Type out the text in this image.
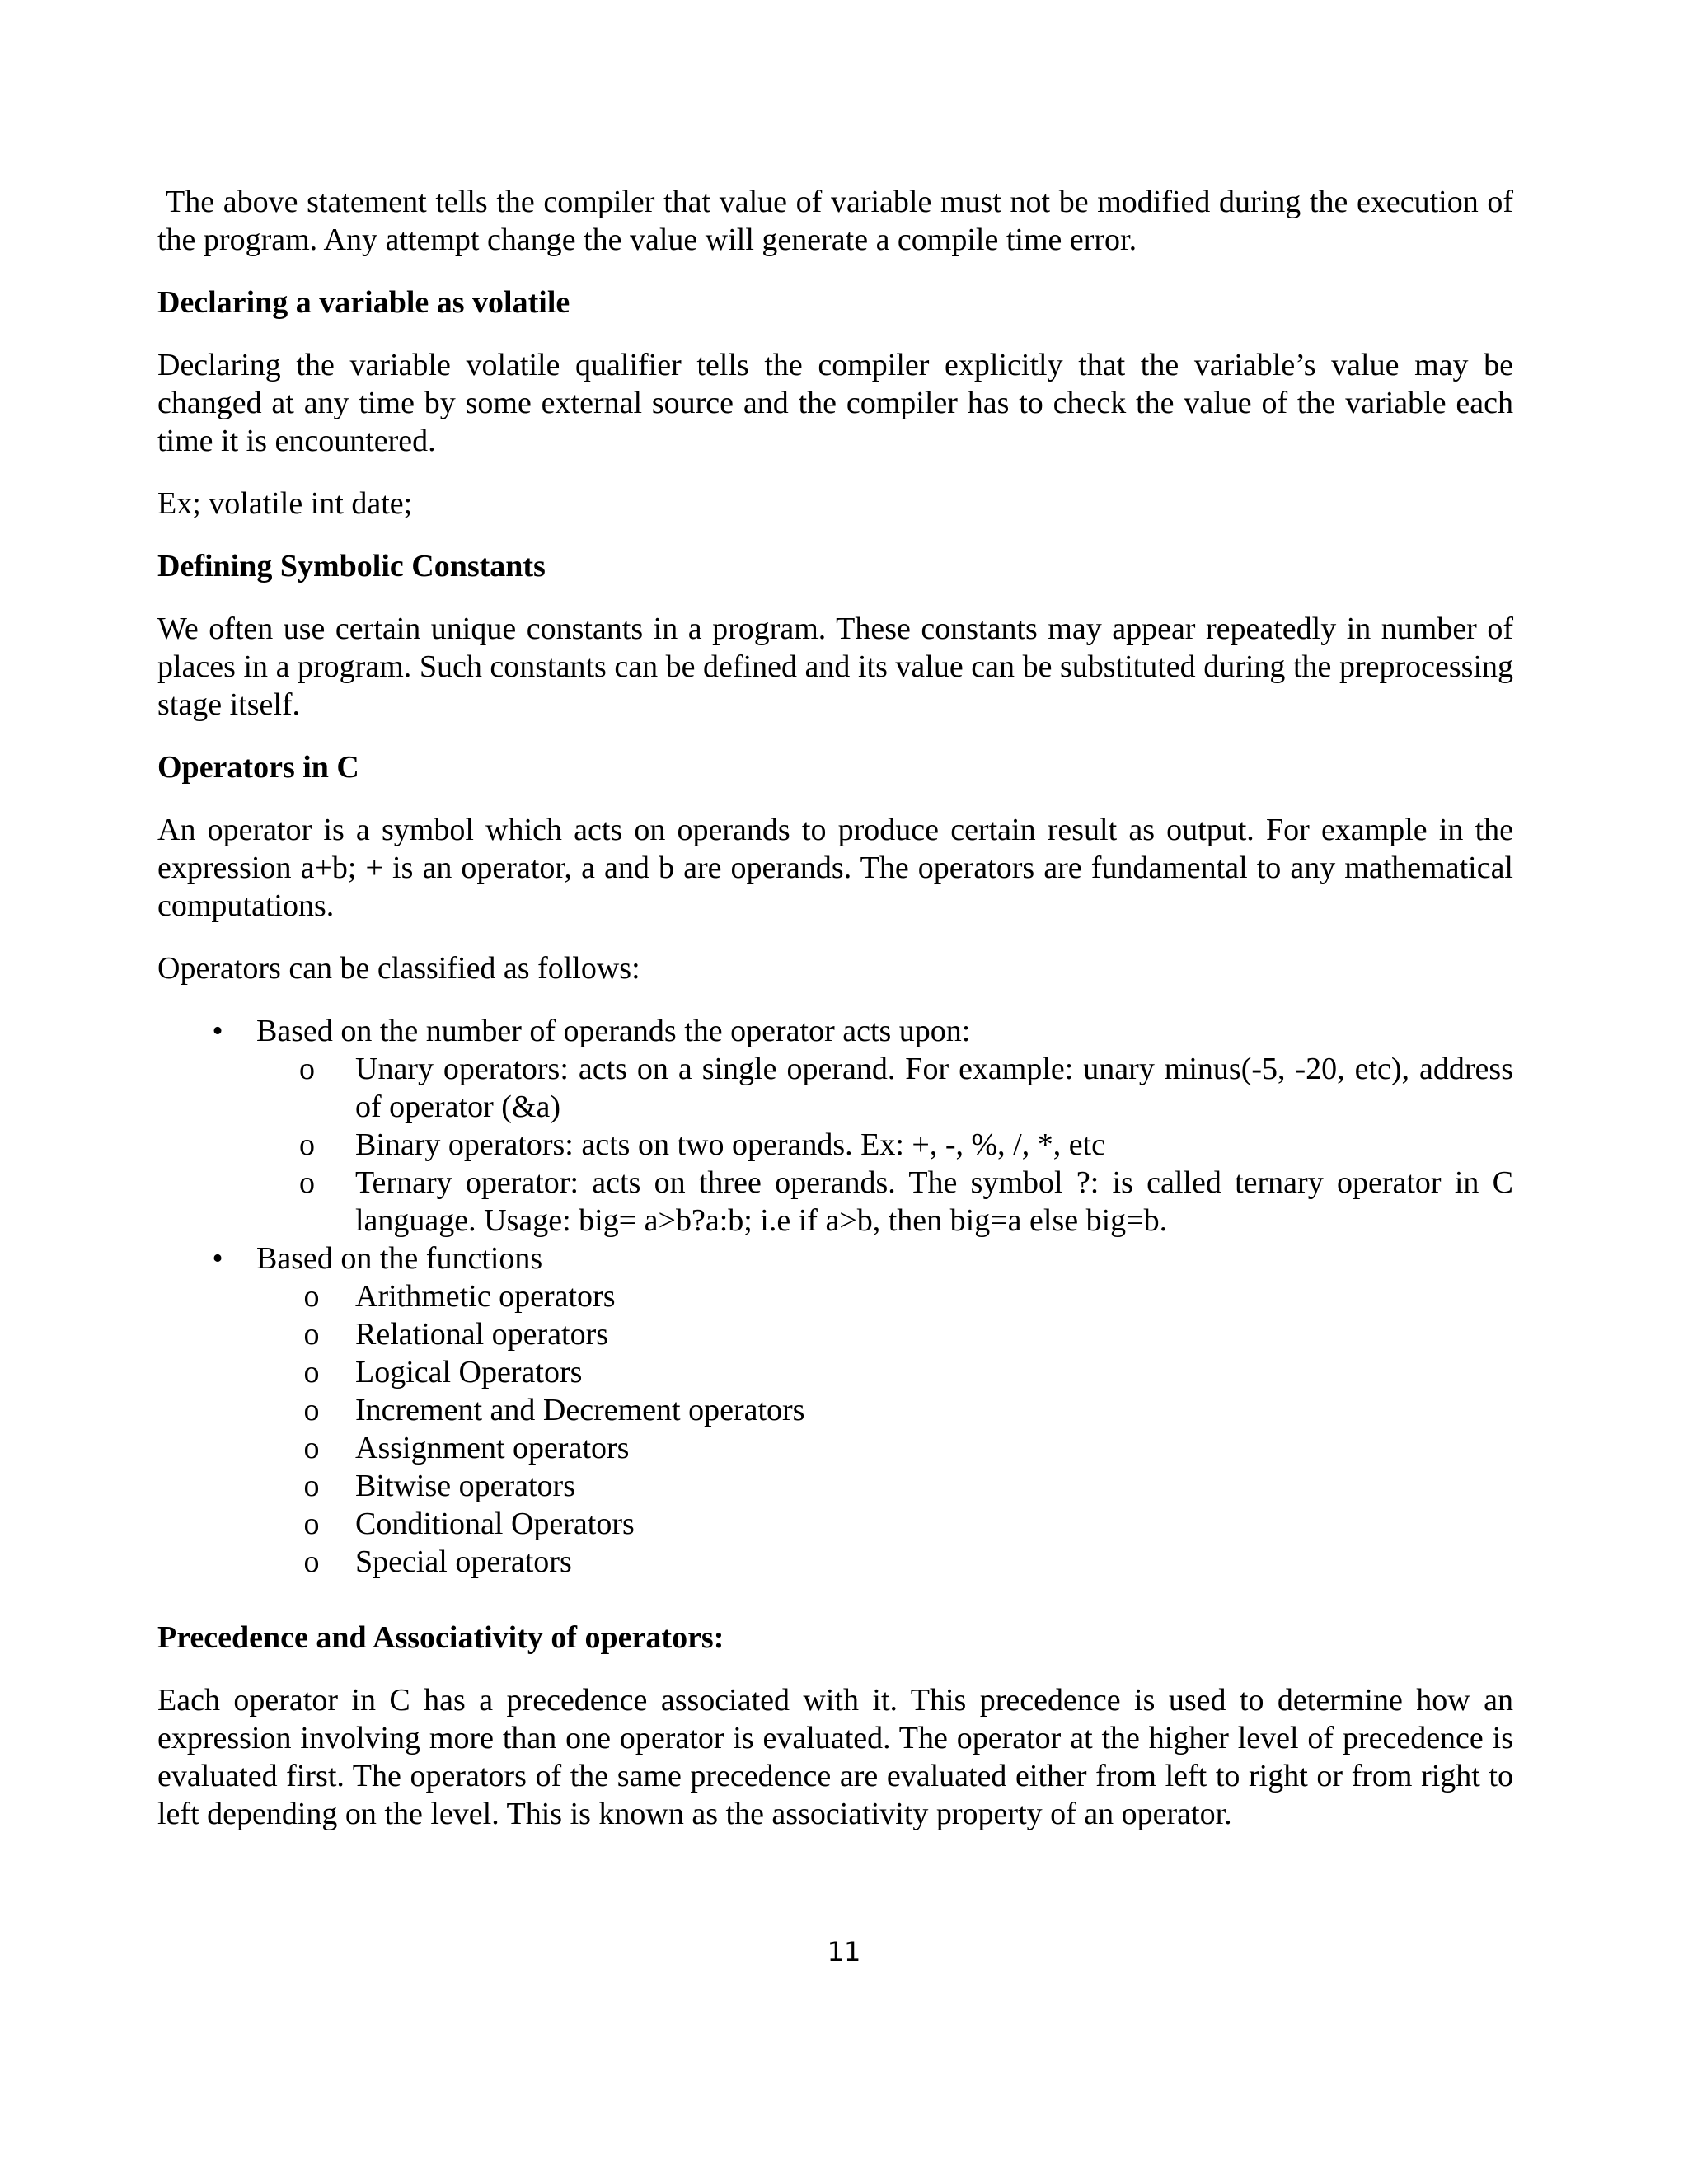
The above statement tells the compiler that value of variable must not be modified during the execution of the program. Any attempt change the value will generate a compile time error.

Declaring a variable as volatile

Declaring the variable volatile qualifier tells the compiler explicitly that the variable’s value may be changed at any time by some external source and the compiler has to check the value of the variable each time it is encountered.

Ex; volatile int date;

Defining Symbolic Constants

We often use certain unique constants in a program. These constants may appear repeatedly in number of places in a program. Such constants can be defined and its value can be substituted during the preprocessing stage itself.

Operators in C

An operator is a symbol which acts on operands to produce certain result as output. For example in the expression a+b; + is an operator, a and b are operands. The operators are fundamental to any mathematical computations.

Operators can be classified as follows:

• Based on the number of operands the operator acts upon:
o Unary operators: acts on a single operand. For example: unary minus(-5, -20, etc), address of operator (&a)
o Binary operators: acts on two operands. Ex: +, -, %, /, *, etc
o Ternary operator: acts on three operands. The symbol ?: is called ternary operator in C language. Usage: big= a>b?a:b; i.e if a>b, then big=a else big=b.
• Based on the functions
o Arithmetic operators
o Relational operators
o Logical Operators
o Increment and Decrement operators
o Assignment operators
o Bitwise operators
o Conditional Operators
o Special operators

Precedence and Associativity of operators:

Each operator in C has a precedence associated with it. This precedence is used to determine how an expression involving more than one operator is evaluated. The operator at the higher level of precedence is evaluated first. The operators of the same precedence are evaluated either from left to right or from right to left depending on the level. This is known as the associativity property of an operator.

11
